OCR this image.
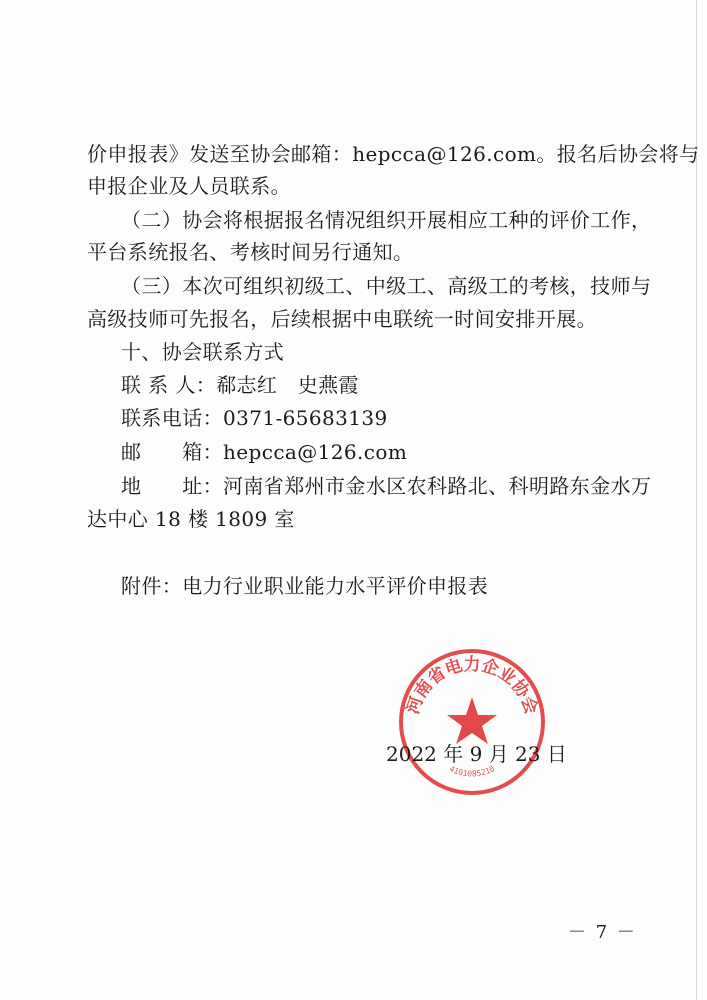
价申报表》发送至协会邮箱：hepcca@126.com。报名后协会将与
申报企业及人员联系。
（二）协会将根据报名情况组织开展相应工种的评价工作，
平台系统报名、考核时间另行通知。
（三）本次可组织初级工、中级工、高级工的考核，技师与
高级技师可先报名，后续根据中电联统一时间安排开展。
十、协会联系方式
联 系 人：郗志红　史燕霞
联系电话：0371-65683139
邮　　箱：hepcca@126.com
地　　址：河南省郑州市金水区农科路北、科明路东金水万
达中心 18 楼 1809 室
附件：电力行业职业能力水平评价申报表
河南省电力企业协会
4101085210
2022 年 9 月 23 日
－ 7 －
